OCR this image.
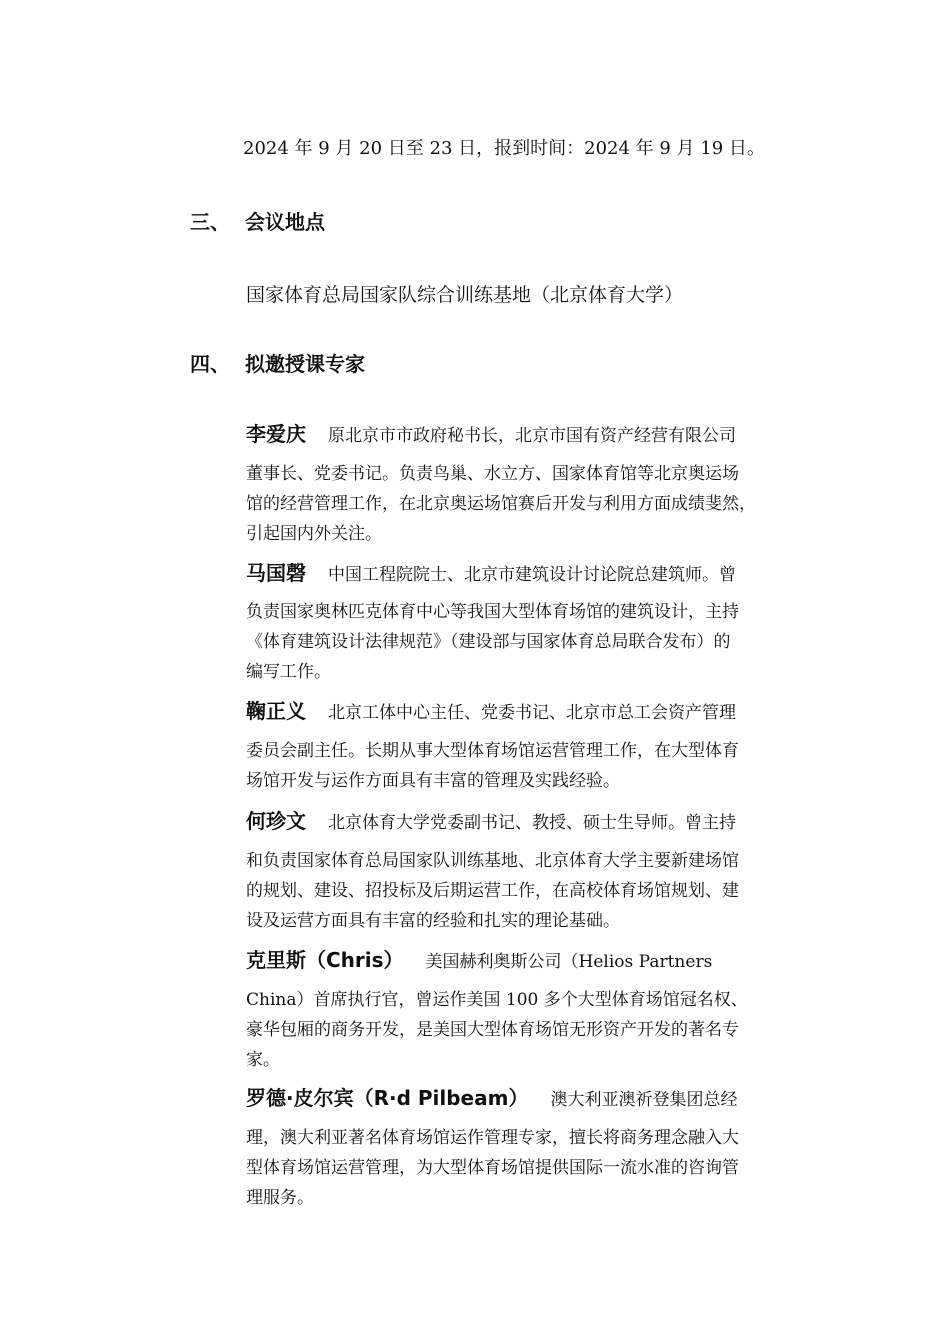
2024 年 9 月 20 日至 23 日，报到时间：2024 年 9 月 19 日。
三、 会议地点
国家体育总局国家队综合训练基地（北京体育大学）
四、 拟邀授课专家
李爱庆 原北京市市政府秘书长，北京市国有资产经营有限公司
董事长、党委书记。负责鸟巢、水立方、国家体育馆等北京奥运场
馆的经营管理工作，在北京奥运场馆赛后开发与利用方面成绩斐然，
引起国内外关注。
马国磬 中国工程院院士、北京市建筑设计讨论院总建筑师。曾
负责国家奥林匹克体育中心等我国大型体育场馆的建筑设计，主持
《体育建筑设计法律规范》（建设部与国家体育总局联合发布）的
编写工作。
鞠正义 北京工体中心主任、党委书记、北京市总工会资产管理
委员会副主任。长期从事大型体育场馆运营管理工作，在大型体育
场馆开发与运作方面具有丰富的管理及实践经验。
何珍文 北京体育大学党委副书记、教授、硕士生导师。曾主持
和负责国家体育总局国家队训练基地、北京体育大学主要新建场馆
的规划、建设、招投标及后期运营工作，在高校体育场馆规划、建
设及运营方面具有丰富的经验和扎实的理论基础。
克里斯（Chris） 美国赫利奥斯公司（Helios Partners
China）首席执行官，曾运作美国 100 多个大型体育场馆冠名权、
豪华包厢的商务开发，是美国大型体育场馆无形资产开发的著名专
家。
罗德·皮尔宾（R·d Pilbeam） 澳大利亚澳祈登集团总经
理，澳大利亚著名体育场馆运作管理专家，擅长将商务理念融入大
型体育场馆运营管理，为大型体育场馆提供国际一流水准的咨询管
理服务。
